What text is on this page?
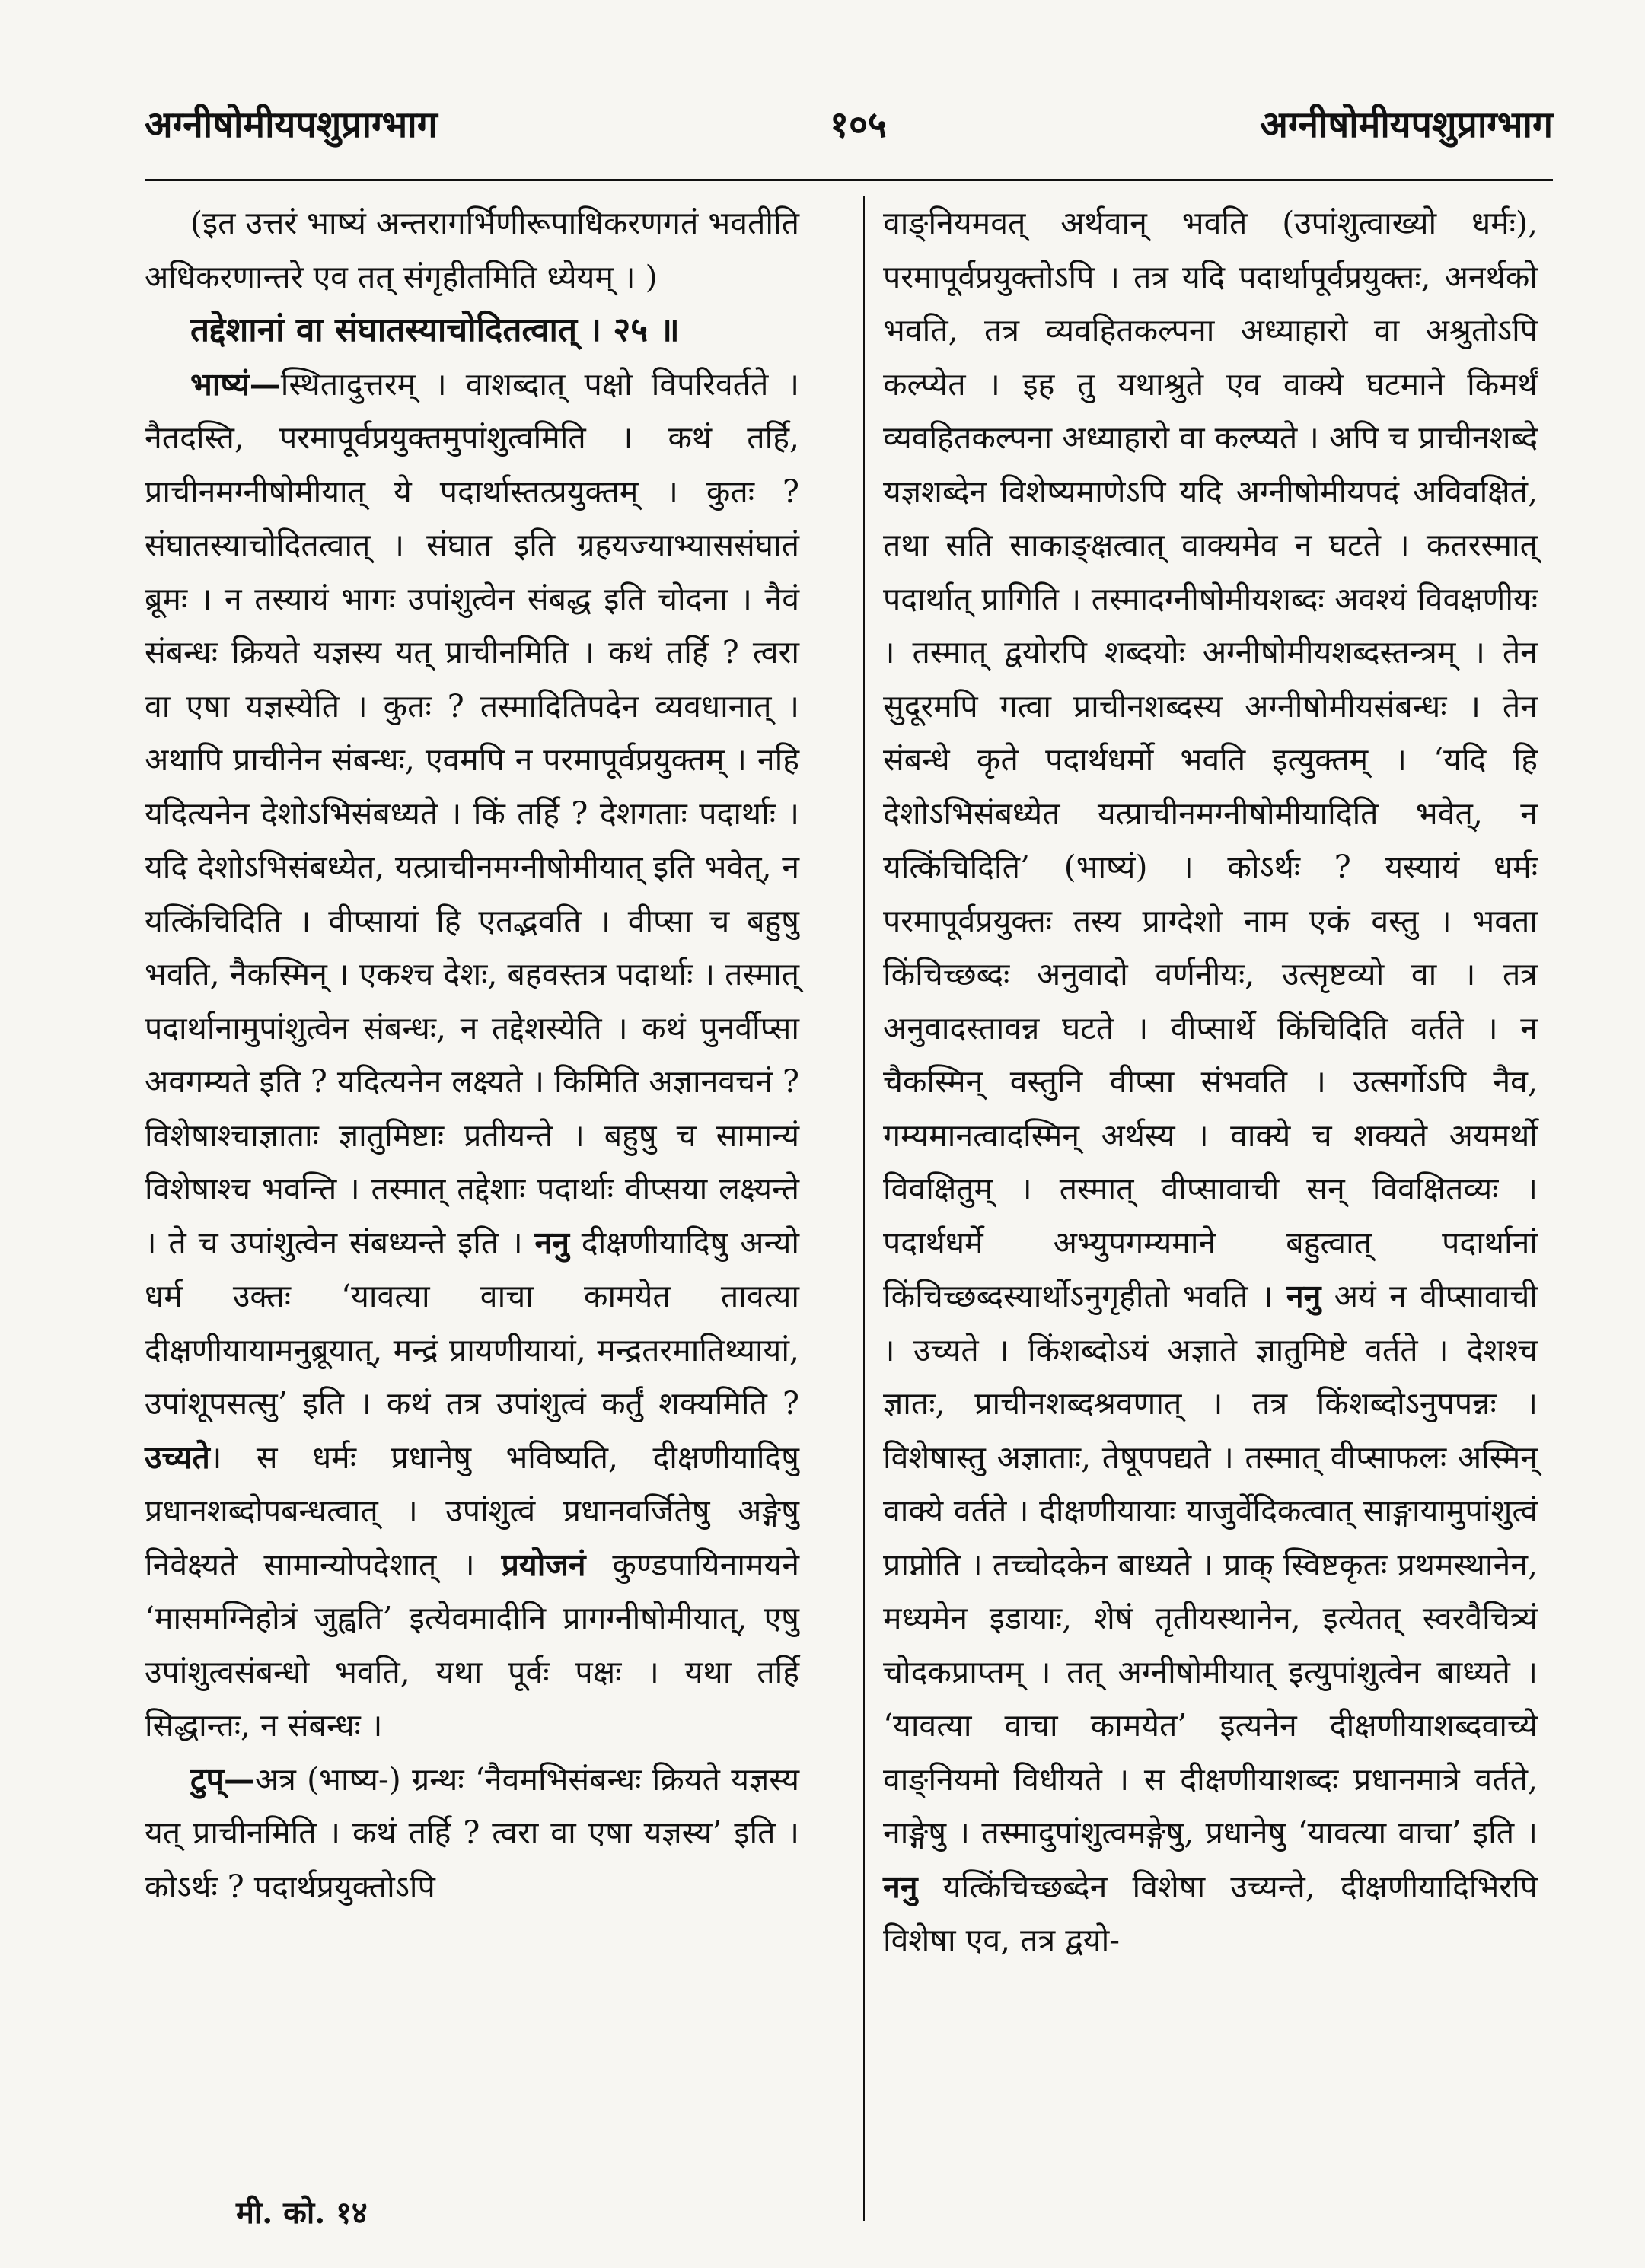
अग्नीषोमीयपशुप्राग्भाग	१०५	अग्नीषोमीयपशुप्राग्भाग

(इत उत्तरं भाष्यं अन्तरागर्भिणीरूपाधिकरणगतं भवतीति अधिकरणान्तरे एव तत् संगृहीतमिति ध्येयम् । )

तद्देशानां वा संघातस्याचोदितत्वात् । २५ ॥

भाष्यं—स्थितादुत्तरम् । वाशब्दात् पक्षो विपरिवर्तते । नैतदस्ति, परमापूर्वप्रयुक्तमुपांशुत्वमिति । कथं तर्हि, प्राचीनमग्नीषोमीयात् ये पदार्थास्तत्प्रयुक्तम् । कुतः ? संघातस्याचोदितत्वात् । संघात इति ग्रहयज्याभ्याससंघातं ब्रूमः । न तस्यायं भागः उपांशुत्वेन संबद्ध इति चोदना । नैवं संबन्धः क्रियते यज्ञस्य यत् प्राचीनमिति । कथं तर्हि ? त्वरा वा एषा यज्ञस्येति । कुतः ? तस्मादितिपदेन व्यवधानात् । अथापि प्राचीनेन संबन्धः, एवमपि न परमापूर्वप्रयुक्तम् । नहि यदित्यनेन देशोऽभिसंबध्यते । किं तर्हि ? देशगताः पदार्थाः । यदि देशोऽभिसंबध्येत, यत्प्राचीनमग्नीषोमीयात् इति भवेत्, न यत्किंचिदिति । वीप्सायां हि एतद्भवति । वीप्सा च बहुषु भवति, नैकस्मिन् । एकश्च देशः, बहवस्तत्र पदार्थाः । तस्मात् पदार्थानामुपांशुत्वेन संबन्धः, न तद्देशस्येति । कथं पुनर्वीप्सा अवगम्यते इति ? यदित्यनेन लक्ष्यते । किमिति अज्ञानवचनं ? विशेषाश्चाज्ञाताः ज्ञातुमिष्टाः प्रतीयन्ते । बहुषु च सामान्यं विशेषाश्च भवन्ति । तस्मात् तद्देशाः पदार्थाः वीप्सया लक्ष्यन्ते । ते च उपांशुत्वेन संबध्यन्ते इति । ननु दीक्षणीयादिषु अन्यो धर्म उक्तः ‘यावत्या वाचा कामयेत तावत्या दीक्षणीयायामनुब्रूयात्, मन्द्रं प्रायणीयायां, मन्द्रतरमातिथ्यायां, उपांशूपसत्सु’ इति । कथं तत्र उपांशुत्वं कर्तुं शक्यमिति ? उच्यते। स धर्मः प्रधानेषु भविष्यति, दीक्षणीयादिषु प्रधानशब्दोपबन्धत्वात् । उपांशुत्वं प्रधानवर्जितेषु अङ्गेषु निवेक्ष्यते सामान्योपदेशात् । प्रयोजनं कुण्डपायिनामयने ‘मासमग्निहोत्रं जुह्वति’ इत्येवमादीनि प्रागग्नीषोमीयात्, एषु उपांशुत्वसंबन्धो भवति, यथा पूर्वः पक्षः । यथा तर्हि सिद्धान्तः, न संबन्धः ।

टुप्—अत्र (भाष्य-) ग्रन्थः ‘नैवमभिसंबन्धः क्रियते यज्ञस्य यत् प्राचीनमिति । कथं तर्हि ? त्वरा वा एषा यज्ञस्य’ इति । कोऽर्थः ? पदार्थप्रयुक्तोऽपि

वाङ्नियमवत् अर्थवान् भवति (उपांशुत्वाख्यो धर्मः), परमापूर्वप्रयुक्तोऽपि । तत्र यदि पदार्थापूर्वप्रयुक्तः, अनर्थको भवति, तत्र व्यवहितकल्पना अध्याहारो वा अश्रुतोऽपि कल्प्येत । इह तु यथाश्रुते एव वाक्ये घटमाने किमर्थं व्यवहितकल्पना अध्याहारो वा कल्प्यते । अपि च प्राचीनशब्दे यज्ञशब्देन विशेष्यमाणेऽपि यदि अग्नीषोमीयपदं अविवक्षितं, तथा सति साकाङ्क्षत्वात् वाक्यमेव न घटते । कतरस्मात् पदार्थात् प्रागिति । तस्मादग्नीषोमीयशब्दः अवश्यं विवक्षणीयः । तस्मात् द्वयोरपि शब्दयोः अग्नीषोमीयशब्दस्तन्त्रम् । तेन सुदूरमपि गत्वा प्राचीनशब्दस्य अग्नीषोमीयसंबन्धः । तेन संबन्धे कृते पदार्थधर्मो भवति इत्युक्तम् । ‘यदि हि देशोऽभिसंबध्येत यत्प्राचीनमग्नीषोमीयादिति भवेत्, न यत्किंचिदिति’ (भाष्यं) । कोऽर्थः ? यस्यायं धर्मः परमापूर्वप्रयुक्तः तस्य प्राग्देशो नाम एकं वस्तु । भवता किंचिच्छब्दः अनुवादो वर्णनीयः, उत्सृष्टव्यो वा । तत्र अनुवादस्तावन्न घटते । वीप्सार्थे किंचिदिति वर्तते । न चैकस्मिन् वस्तुनि वीप्सा संभवति । उत्सर्गोऽपि नैव, गम्यमानत्वादस्मिन् अर्थस्य । वाक्ये च शक्यते अयमर्थो विवक्षितुम् । तस्मात् वीप्सावाची सन् विवक्षितव्यः । पदार्थधर्मे अभ्युपगम्यमाने बहुत्वात् पदार्थानां किंचिच्छब्दस्यार्थोऽनुगृहीतो भवति । ननु अयं न वीप्सावाची । उच्यते । किंशब्दोऽयं अज्ञाते ज्ञातुमिष्टे वर्तते । देशश्च ज्ञातः, प्राचीनशब्दश्रवणात् । तत्र किंशब्दोऽनुपपन्नः । विशेषास्तु अज्ञाताः, तेषूपपद्यते । तस्मात् वीप्साफलः अस्मिन् वाक्ये वर्तते । दीक्षणीयायाः याजुर्वेदिकत्वात् साङ्गायामुपांशुत्वं प्राप्नोति । तच्चोदकेन बाध्यते । प्राक् स्विष्टकृतः प्रथमस्थानेन, मध्यमेन इडायाः, शेषं तृतीयस्थानेन, इत्येतत् स्वरवैचित्र्यं चोदकप्राप्तम् । तत् अग्नीषोमीयात् इत्युपांशुत्वेन बाध्यते । ‘यावत्या वाचा कामयेत’ इत्यनेन दीक्षणीयाशब्दवाच्ये वाङ्नियमो विधीयते । स दीक्षणीयाशब्दः प्रधानमात्रे वर्तते, नाङ्गेषु । तस्मादुपांशुत्वमङ्गेषु, प्रधानेषु ‘यावत्या वाचा’ इति । ननु यत्किंचिच्छब्देन विशेषा उच्यन्ते, दीक्षणीयादिभिरपि विशेषा एव, तत्र द्वयो-

मी. को. १४
